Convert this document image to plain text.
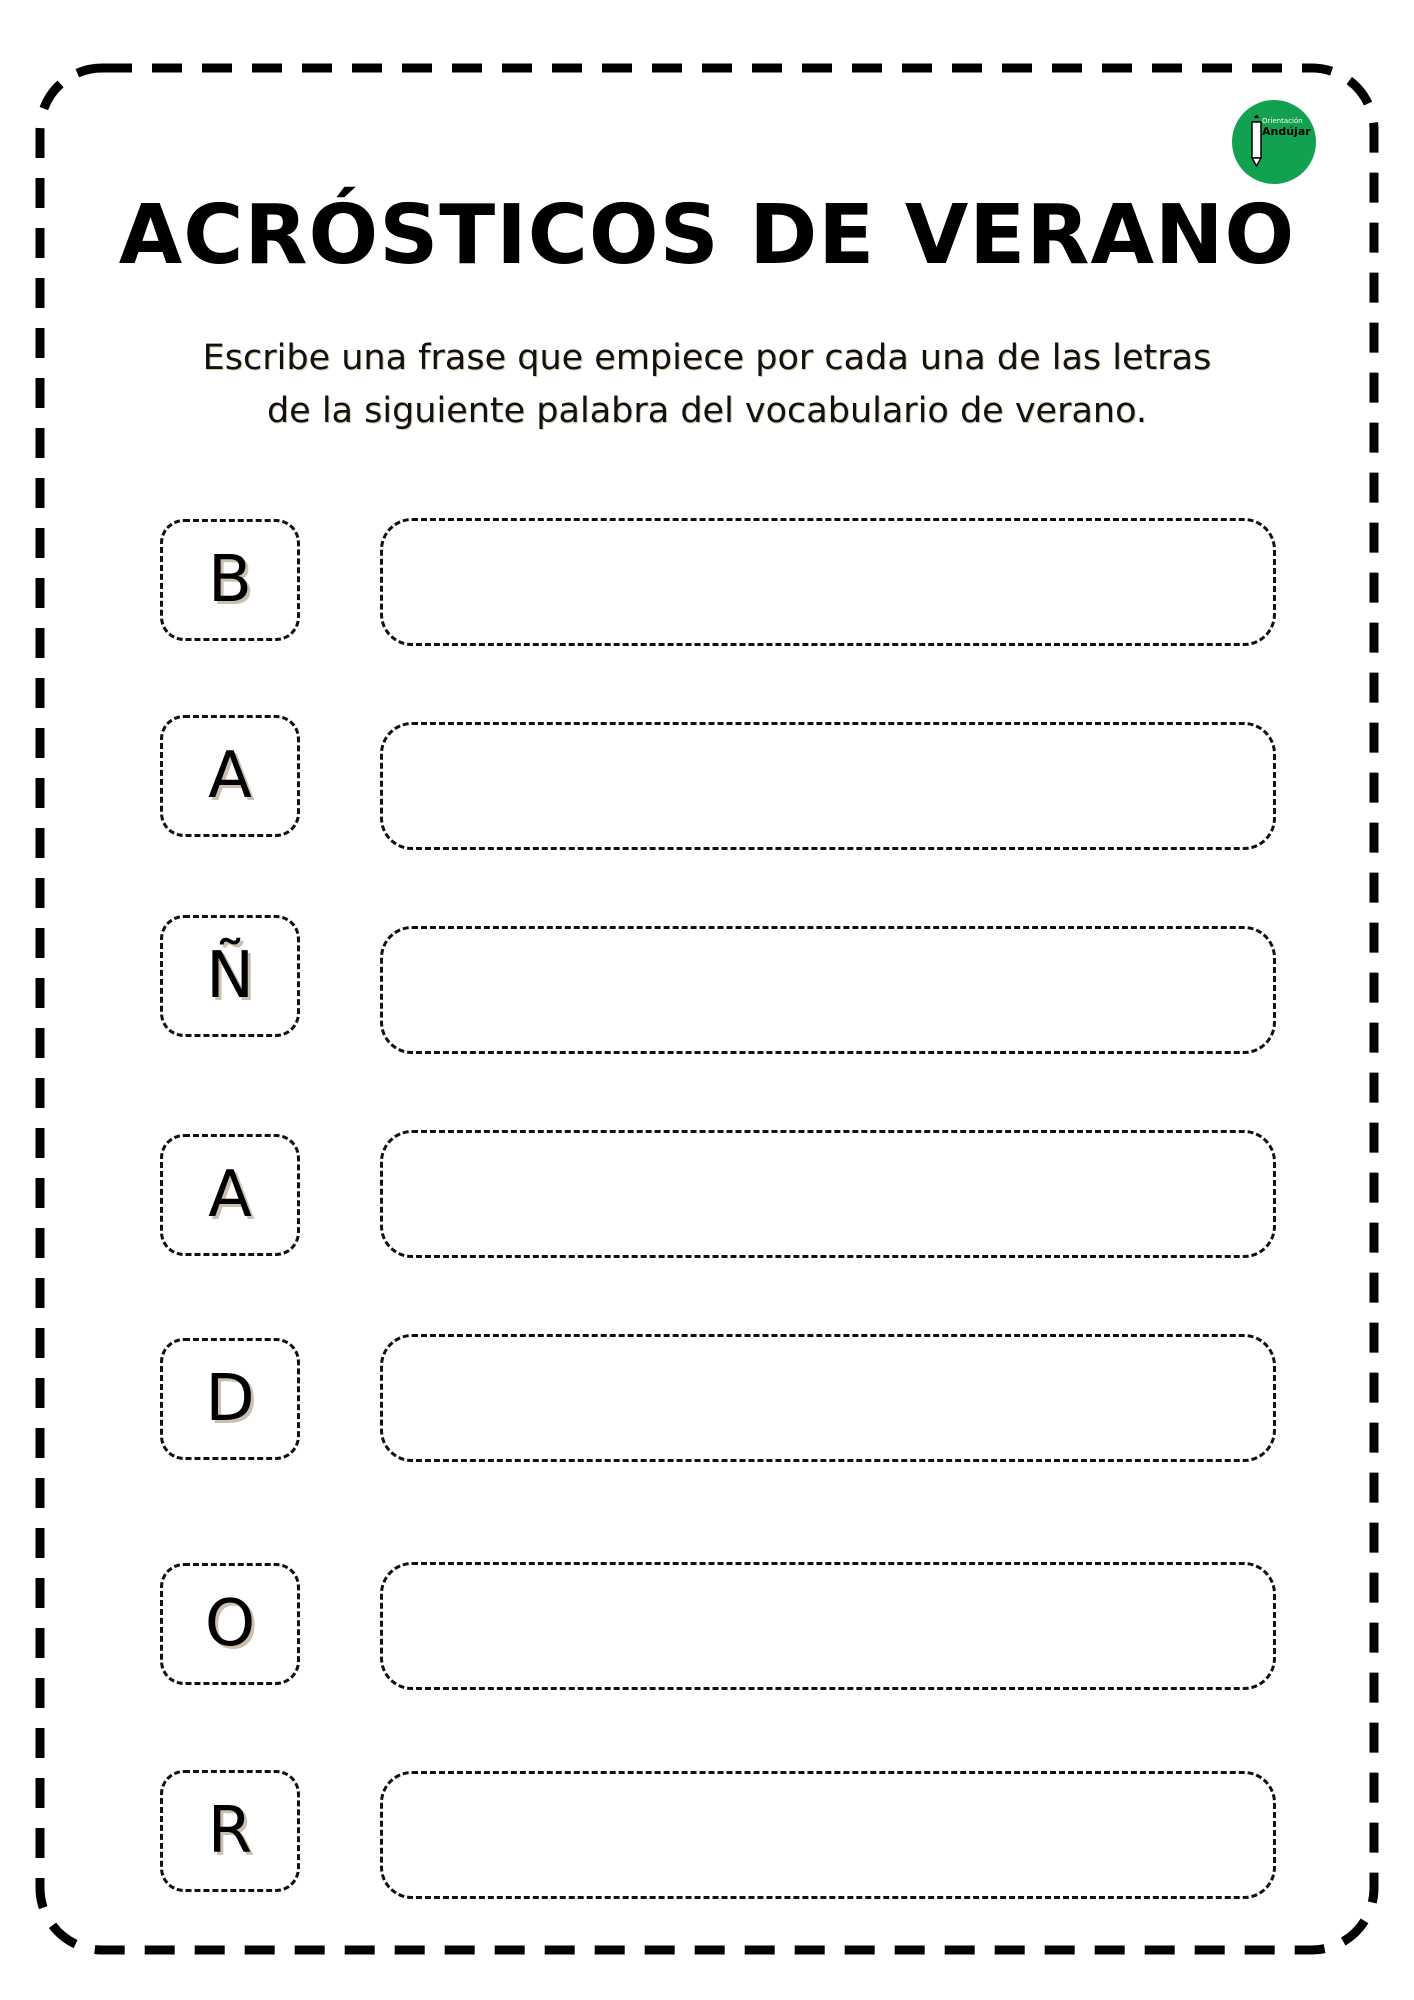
Orientación
Andújar
ACRÓSTICOS DE VERANO
Escribe una frase que empiece por cada una de las letras
de la siguiente palabra del vocabulario de verano.
B
A
Ñ
A
D
O
R
